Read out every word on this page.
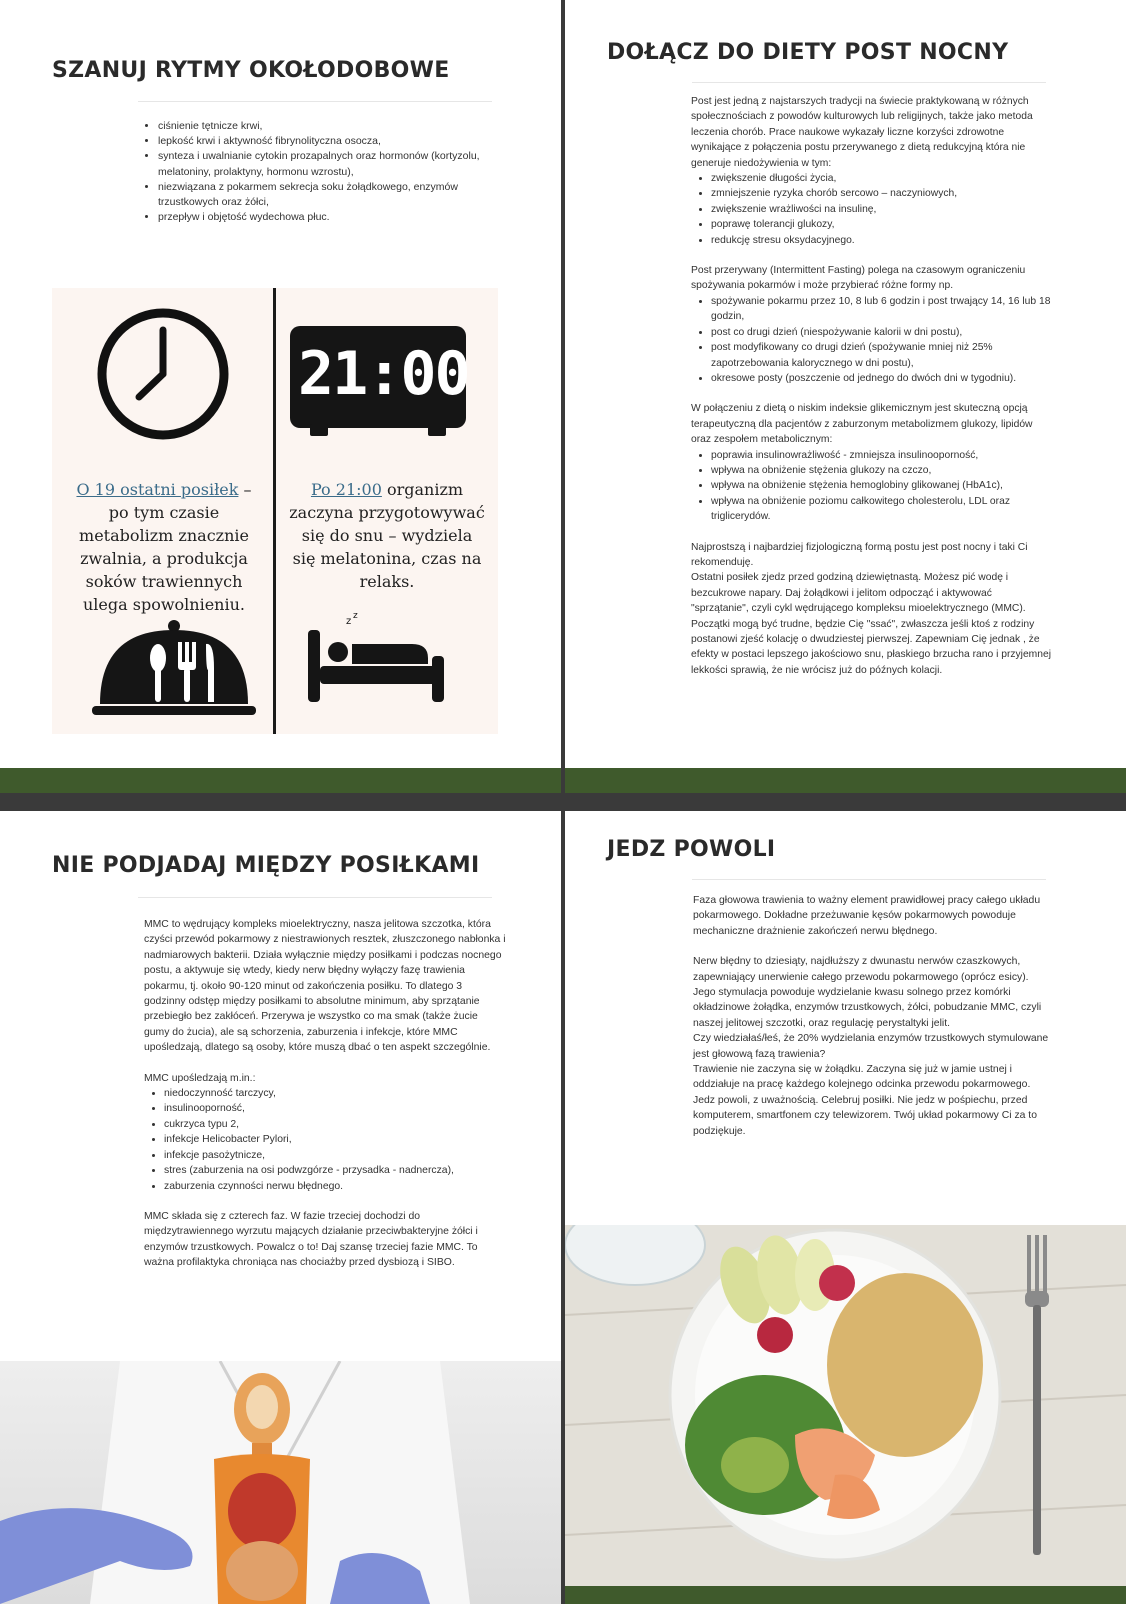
SZANUJ RYTMY OKOŁODOBOWE
• ciśnienie tętnicze krwi,
• lepkość krwi i aktywność fibrynolityczna osocza,
• synteza i uwalnianie cytokin prozapalnych oraz hormonów (kortyzolu, melatoniny, prolaktyny, hormonu wzrostu),
• niezwiązana z pokarmem sekrecja soku żołądkowego, enzymów trzustkowych oraz żółci,
• przepływ i objętość wydechowa płuc.
21:00
O 19 ostatni posiłek – po tym czasie metabolizm znacznie zwalnia, a produkcja soków trawiennych ulega spowolnieniu.
Po 21:00 organizm zaczyna przygotowywać się do snu – wydziela się melatonina, czas na relaks.
z z
DOŁĄCZ DO DIETY POST NOCNY

Post jest jedną z najstarszych tradycji na świecie praktykowaną w różnych społecznościach z powodów kulturowych lub religijnych, także jako metoda leczenia chorób. Prace naukowe wykazały liczne korzyści zdrowotne wynikające z połączenia postu przerywanego z dietą redukcyjną która nie generuje niedożywienia w tym:

• zwiększenie długości życia,
• zmniejszenie ryzyka chorób sercowo – naczyniowych,
• zwiększenie wrażliwości na insulinę,
• poprawę tolerancji glukozy,
• redukcję stresu oksydacyjnego.

Post przerywany (Intermittent Fasting) polega na czasowym ograniczeniu spożywania pokarmów i może przybierać różne formy np.

• spożywanie pokarmu przez 10, 8 lub 6 godzin i post trwający 14, 16 lub 18 godzin,
• post co drugi dzień (niespożywanie kalorii w dni postu),
• post modyfikowany co drugi dzień (spożywanie mniej niż 25% zapotrzebowania kalorycznego w dni postu),
• okresowe posty (poszczenie od jednego do dwóch dni w tygodniu).

W połączeniu z dietą o niskim indeksie glikemicznym jest skuteczną opcją terapeutyczną dla pacjentów z zaburzonym metabolizmem glukozy, lipidów oraz zespołem metabolicznym:

• poprawia insulinowrażliwość - zmniejsza insulinooporność,
• wpływa na obniżenie stężenia glukozy na czczo,
• wpływa na obniżenie stężenia hemoglobiny glikowanej (HbA1c),
• wpływa na obniżenie poziomu całkowitego cholesterolu, LDL oraz triglicerydów.

Najprostszą i najbardziej fizjologiczną formą postu jest post nocny i taki Ci rekomenduję.

Ostatni posiłek zjedz przed godziną dziewiętnastą. Możesz pić wodę i bezcukrowe napary. Daj żołądkowi i jelitom odpocząć i aktywować "sprzątanie", czyli cykl wędrującego kompleksu mioelektrycznego (MMC). Początki mogą być trudne, będzie Cię "ssać", zwłaszcza jeśli ktoś z rodziny postanowi zjeść kolację o dwudziestej pierwszej. Zapewniam Cię jednak , że efekty w postaci lepszego jakościowo snu, płaskiego brzucha rano i przyjemnej lekkości sprawią, że nie wrócisz już do późnych kolacji.

NIE PODJADAJ MIĘDZY POSIŁKAMI

MMC to wędrujący kompleks mioelektryczny, nasza jelitowa szczotka, która czyści przewód pokarmowy z niestrawionych resztek, złuszczonego nabłonka i nadmiarowych bakterii. Działa wyłącznie między posiłkami i podczas nocnego postu, a aktywuje się wtedy, kiedy nerw błędny wyłączy fazę trawienia pokarmu, tj. około 90-120 minut od zakończenia posiłku. To dlatego 3 godzinny odstęp między posiłkami to absolutne minimum, aby sprzątanie przebiegło bez zakłóceń. Przerywa je wszystko co ma smak (także żucie gumy do żucia), ale są schorzenia, zaburzenia i infekcje, które MMC upośledzają, dlatego są osoby, które muszą dbać o ten aspekt szczególnie.

MMC upośledzają m.in.:

• niedoczynność tarczycy,
• insulinooporność,
• cukrzyca typu 2,
• infekcje Helicobacter Pylori,
• infekcje pasożytnicze,
• stres (zaburzenia na osi podwzgórze - przysadka - nadnercza),
• zaburzenia czynności nerwu błędnego.

MMC składa się z czterech faz. W fazie trzeciej dochodzi do międzytrawiennego wyrzutu mających działanie przeciwbakteryjne żółci i enzymów trzustkowych. Powalcz o to! Daj szansę trzeciej fazie MMC. To ważna profilaktyka chroniąca nas chociażby przed dysbiozą i SIBO.

JEDZ POWOLI

Faza głowowa trawienia to ważny element prawidłowej pracy całego układu pokarmowego. Dokładne przeżuwanie kęsów pokarmowych powoduje mechaniczne drażnienie zakończeń nerwu błędnego.

Nerw błędny to dziesiąty, najdłuższy z dwunastu nerwów czaszkowych, zapewniający unerwienie całego przewodu pokarmowego (oprócz esicy). Jego stymulacja powoduje wydzielanie kwasu solnego przez komórki okładzinowe żołądka, enzymów trzustkowych, żółci, pobudzanie MMC, czyli naszej jelitowej szczotki, oraz regulację perystaltyki jelit.

Czy wiedziałaś/łeś, że 20% wydzielania enzymów trzustkowych stymulowane jest głowową fazą trawienia?

Trawienie nie zaczyna się w żołądku. Zaczyna się już w jamie ustnej i oddziałuje na pracę każdego kolejnego odcinka przewodu pokarmowego.

Jedz powoli, z uważnością. Celebruj posiłki. Nie jedz w pośpiechu, przed komputerem, smartfonem czy telewizorem. Twój układ pokarmowy Ci za to podziękuje.
